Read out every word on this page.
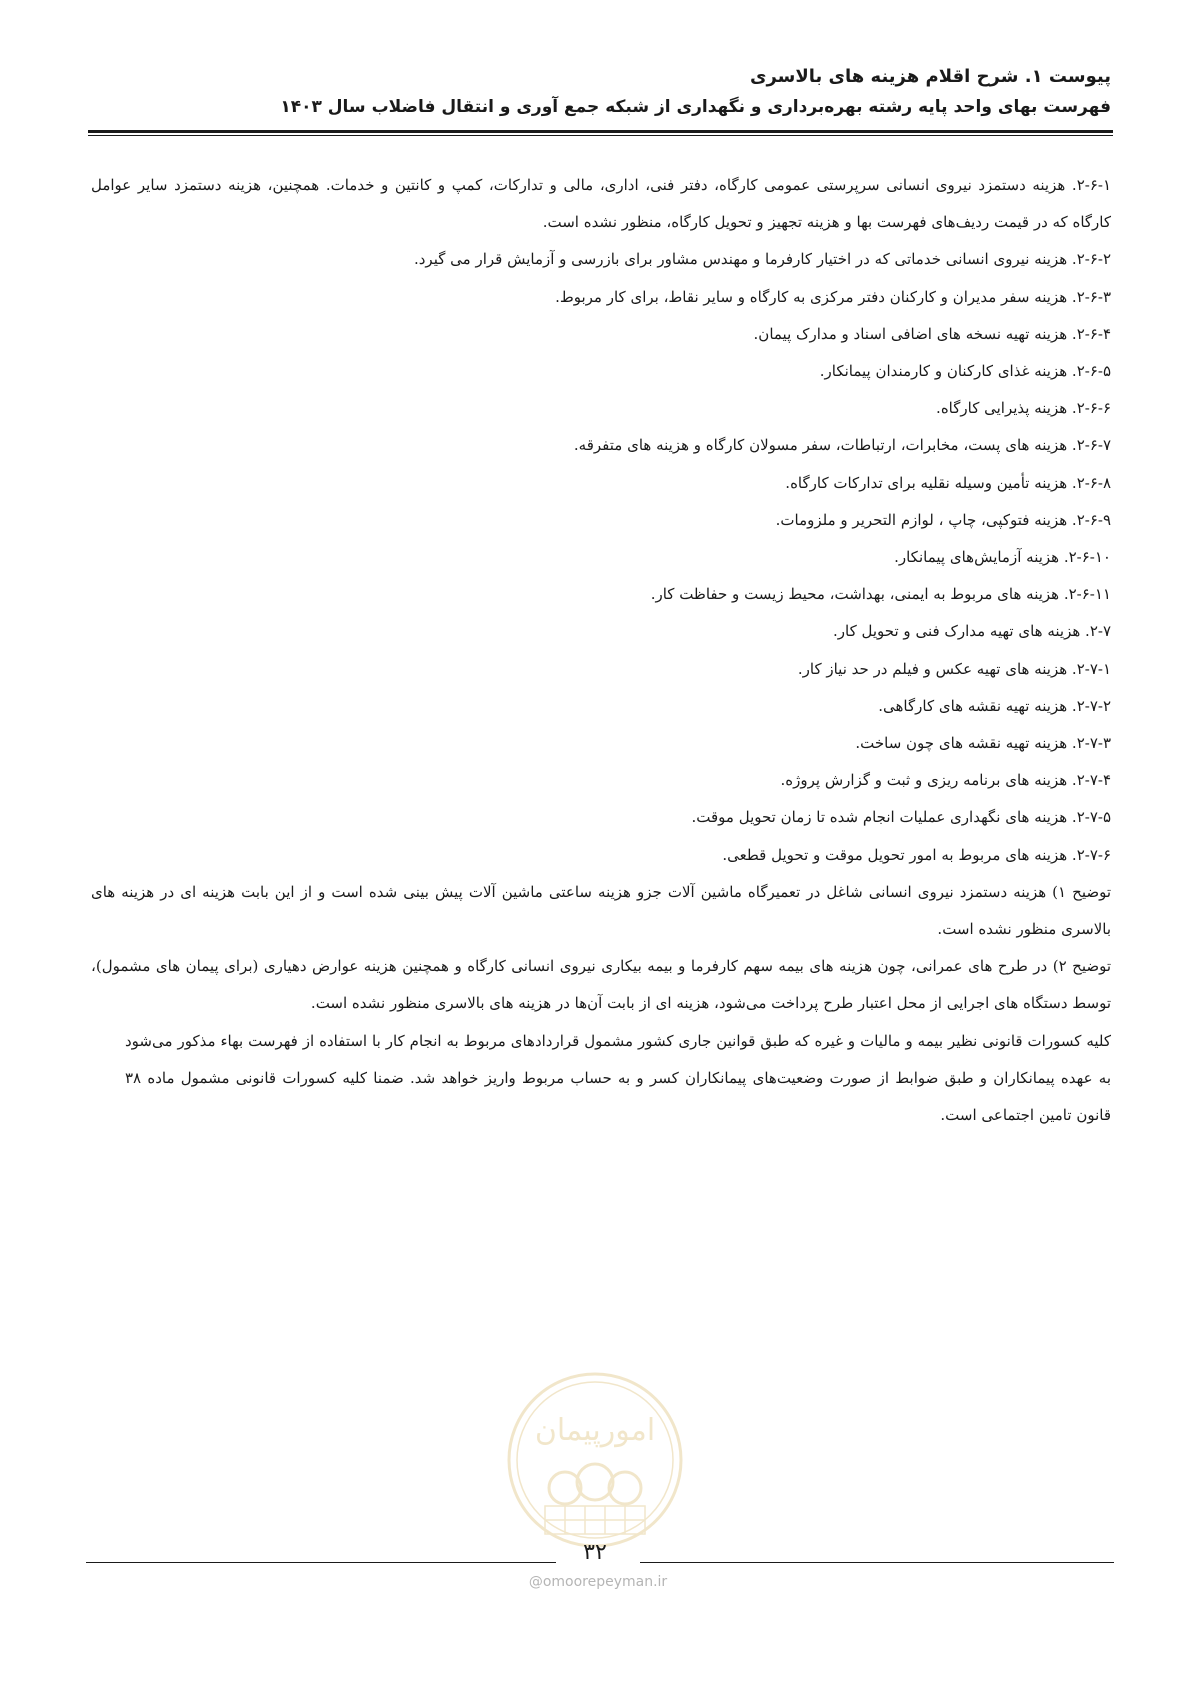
پیوست ۱. شرح اقلام هزینه های بالاسری

فهرست بهای واحد پایه رشته بهره‌برداری و نگهداری از شبکه جمع آوری و انتقال فاضلاب سال ۱۴۰۳

۲-۶-۱. هزینه دستمزد نیروی انسانی سرپرستی عمومی کارگاه، دفتر فنی، اداری، مالی و تدارکات، کمپ و کانتین و خدمات. همچنین، هزینه دستمزد سایر عوامل کارگاه که در قیمت ردیف‌های فهرست بها و هزینه تجهیز و تحویل کارگاه، منظور نشده است.

۲-۶-۲. هزینه نیروی انسانی خدماتی که در اختیار کارفرما و مهندس مشاور برای بازرسی و آزمایش قرار می گیرد.

۲-۶-۳. هزینه سفر مدیران و کارکنان دفتر مرکزی به کارگاه و سایر نقاط، برای کار مربوط.

۲-۶-۴. هزینه تهیه نسخه های اضافی اسناد و مدارک پیمان.

۲-۶-۵. هزینه غذای کارکنان و کارمندان پیمانکار.

۲-۶-۶. هزینه پذیرایی کارگاه.

۲-۶-۷. هزینه های پست، مخابرات، ارتباطات، سفر مسولان کارگاه و هزینه های متفرقه.

۲-۶-۸. هزینه تأمین وسیله نقلیه برای تدارکات کارگاه.

۲-۶-۹. هزینه فتوکپی، چاپ ، لوازم التحریر و ملزومات.

۲-۶-۱۰. هزینه آزمایش‌های پیمانکار.

۲-۶-۱۱. هزینه های مربوط به ایمنی، بهداشت، محیط زیست و حفاظت کار.

۲-۷. هزینه های تهیه مدارک فنی و تحویل کار.

۲-۷-۱. هزینه های تهیه عکس و فیلم در حد نیاز کار.

۲-۷-۲. هزینه تهیه نقشه های کارگاهی.

۲-۷-۳. هزینه تهیه نقشه های چون ساخت.

۲-۷-۴. هزینه های برنامه ریزی و ثبت و گزارش پروژه.

۲-۷-۵. هزینه های نگهداری عملیات انجام شده تا زمان تحویل موقت.

۲-۷-۶. هزینه های مربوط به امور تحویل موقت و تحویل قطعی.

توضیح ۱) هزینه دستمزد نیروی انسانی شاغل در تعمیرگاه ماشین آلات جزو هزینه ساعتی ماشین آلات پیش بینی شده است و از این بابت هزینه ای در هزینه های بالاسری منظور نشده است.

توضیح ۲) در طرح های عمرانی، چون هزینه های بیمه سهم کارفرما و بیمه بیکاری نیروی انسانی کارگاه و همچنین هزینه عوارض دهیاری (برای پیمان های مشمول)، توسط دستگاه های اجرایی از محل اعتبار طرح پرداخت می‌شود، هزینه ای از بابت آن‌ها در هزینه های بالاسری منظور نشده است.

کلیه کسورات قانونی نظیر بیمه و مالیات و غیره که طبق قوانین جاری کشور مشمول قراردادهای مربوط به انجام کار با استفاده از فهرست بهاء مذکور می‌شود به عهده پیمانکاران و طبق ضوابط از صورت وضعیت‌های پیمانکاران کسر و به حساب مربوط واریز خواهد شد. ضمنا کلیه کسورات قانونی مشمول ماده ۳۸ قانون تامین اجتماعی است.

امورپیمان
۳۲
@omoorepeyman.ir
